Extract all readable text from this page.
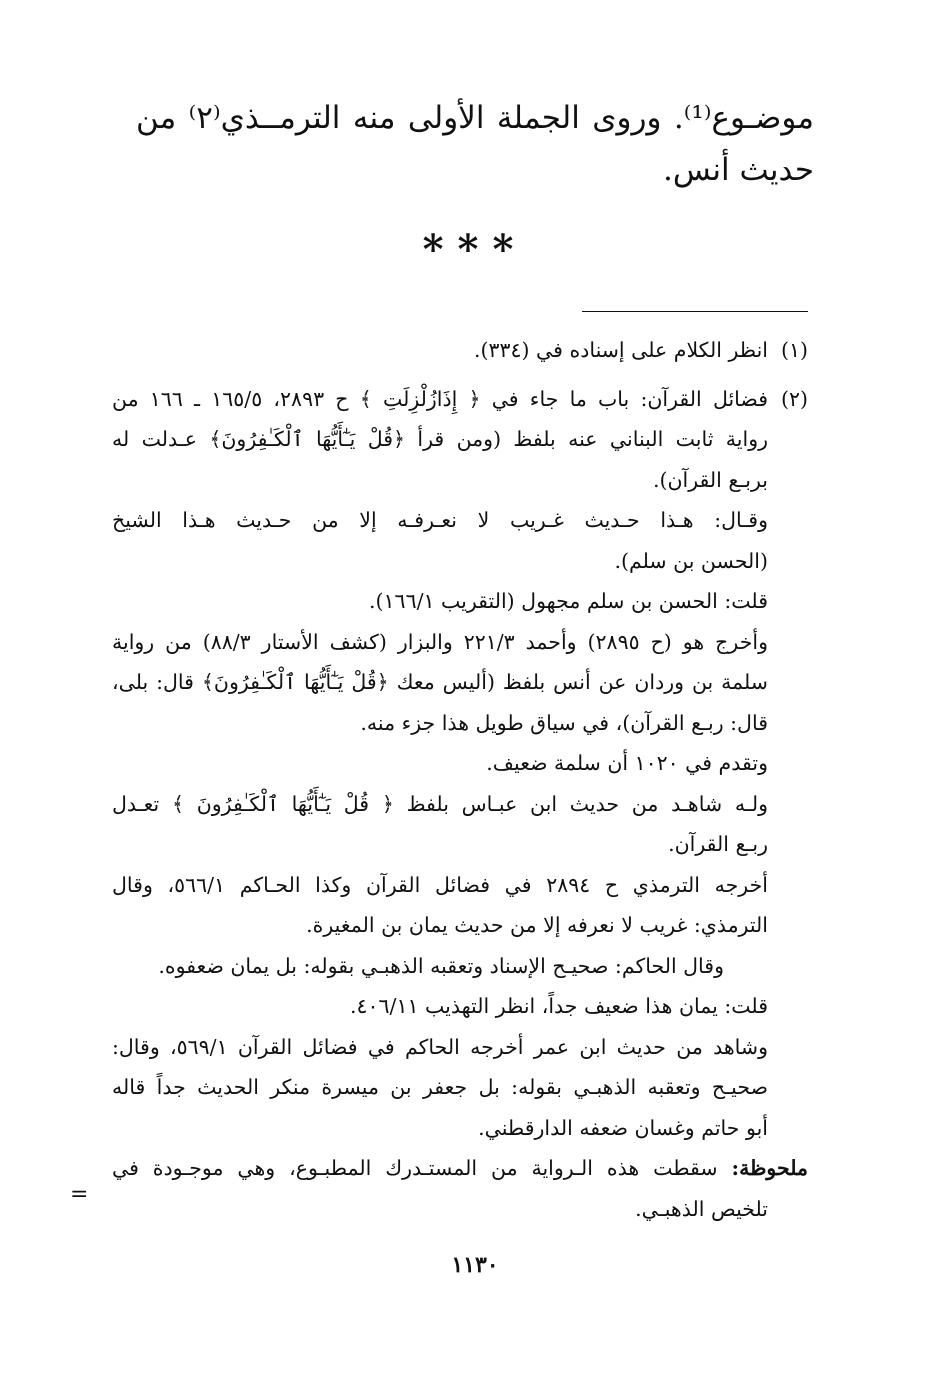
موضـوع⁽¹⁾. وروى الجملة الأولى منه الترمــذي⁽٢⁾ من
حديث أنس.
***
(١)
انظر الكلام على إسناده في (٣٣٤).
(٢)
فضائل القرآن: باب ما جاء في ﴿ إِذَازُلْزِلَتِ ﴾ ح ٢٨٩٣، ١٦٥/٥ ـ ١٦٦ من
رواية ثابت البناني عنه بلفظ (ومن قرأ ﴿قُلْ يَـٰٓأَيُّهَا ٱلْكَـٰفِرُونَ﴾ عـدلت له
بربـع القرآن).
وقـال: هـذا حـديث غـريب لا نعـرفـه إلا من حـديث هـذا الشيخ
(الحسن بن سلم).
قلت: الحسن بن سلم مجهول (التقريب ١٦٦/١).
وأخرج هو (ح ٢٨٩٥) وأحمد ٢٢١/٣ والبزار (كشف الأستار ٨٨/٣) من رواية
سلمة بن وردان عن أنس بلفظ (أليس معك ﴿قُلْ يَـٰٓأَيُّهَا ٱلْكَـٰفِرُونَ﴾ قال: بلى،
قال: ربـع القرآن)، في سياق طويل هذا جزء منه.
وتقدم في ١٠٢٠ أن سلمة ضعيف.
ولـه شاهـد من حديث ابن عبـاس بلفظ ﴿ قُلْ يَـٰٓأَيُّهَا ٱلْكَـٰفِرُونَ ﴾ تعـدل
ربـع القرآن.
أخرجه الترمذي ح ٢٨٩٤ في فضائل القرآن وكذا الحـاكم ٥٦٦/١، وقال
الترمذي: غريب لا نعرفه إلا من حديث يمان بن المغيرة.
وقال الحاكم: صحيـح الإسناد وتعقبه الذهبـي بقوله: بل يمان ضعفوه.
قلت: يمان هذا ضعيف جداً، انظر التهذيب ٤٠٦/١١.
وشاهد من حديث ابن عمر أخرجه الحاكم في فضائل القرآن ٥٦٩/١، وقال:
صحيـح وتعقبه الذهبـي بقوله: بل جعفر بن ميسرة منكر الحديث جداً قاله
أبو حاتم وغسان ضعفه الدارقطني.
ملحوظة: سقطت هذه الـرواية من المستـدرك المطبـوع، وهي موجـودة في
تلخيص الذهبـي.
=
١١٣٠
